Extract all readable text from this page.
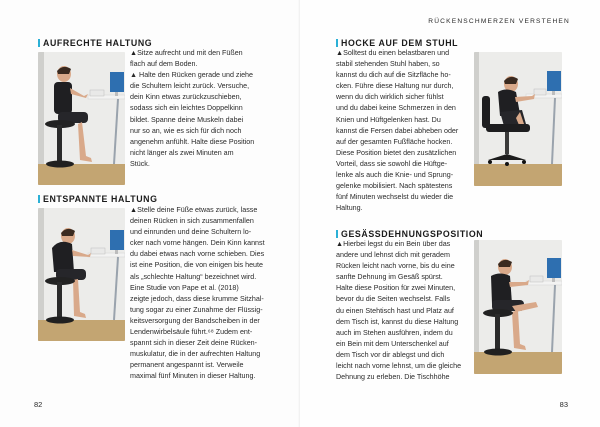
AUFRECHTE HALTUNG
▲Sitze aufrecht und mit den Füßen
flach auf dem Boden.
▲ Halte den Rücken gerade und ziehe
die Schultern leicht zurück. Versuche,
dein Kinn etwas zurückzuschieben,
sodass sich ein leichtes Doppelkinn
bildet. Spanne deine Muskeln dabei
nur so an, wie es sich für dich noch
angenehm anfühlt. Halte diese Position
nicht länger als zwei Minuten am
Stück.
ENTSPANNTE HALTUNG
▲Stelle deine Füße etwas zurück, lasse
deinen Rücken in sich zusammenfallen
und einrunden und deine Schultern lo-
cker nach vorne hängen. Dein Kinn kannst
du dabei etwas nach vorne schieben. Dies
ist eine Position, die von einigen bis heute
als „schlechte Haltung“ bezeichnet wird.
Eine Studie von Pape et al. (2018)
zeigte jedoch, dass diese krumme Sitzhal-
tung sogar zu einer Zunahme der Flüssig-
keitsversorgung der Bandscheiben in der
Lendenwirbelsäule führt.⁶⁸ Zudem ent-
spannt sich in dieser Zeit deine Rücken-
muskulatur, die in der aufrechten Haltung
permanent angespannt ist. Verweile
maximal fünf Minuten in dieser Haltung.
82
RÜCKENSCHMERZEN VERSTEHEN
HOCKE AUF DEM STUHL
▲Solltest du einen belastbaren und
stabil stehenden Stuhl haben, so
kannst du dich auf die Sitzfläche ho-
cken. Führe diese Haltung nur durch,
wenn du dich wirklich sicher fühlst
und du dabei keine Schmerzen in den
Knien und Hüftgelenken hast. Du
kannst die Fersen dabei abheben oder
auf der gesamten Fußfläche hocken.
Diese Position bietet den zusätzlichen
Vorteil, dass sie sowohl die Hüftge-
lenke als auch die Knie- und Sprung-
gelenke mobilisiert. Nach spätestens
fünf Minuten wechselst du wieder die
Haltung.
GESÄSSDEHNUNGSPOSITION
▲Hierbei legst du ein Bein über das
andere und lehnst dich mit geradem
Rücken leicht nach vorne, bis du eine
sanfte Dehnung im Gesäß spürst.
Halte diese Position für zwei Minuten,
bevor du die Seiten wechselst. Falls
du einen Stehtisch hast und Platz auf
dem Tisch ist, kannst du diese Haltung
auch im Stehen ausführen, indem du
ein Bein mit dem Unterschenkel auf
dem Tisch vor dir ablegst und dich
leicht nach vorne lehnst, um die gleiche
Dehnung zu erleben. Die Tischhöhe
83
